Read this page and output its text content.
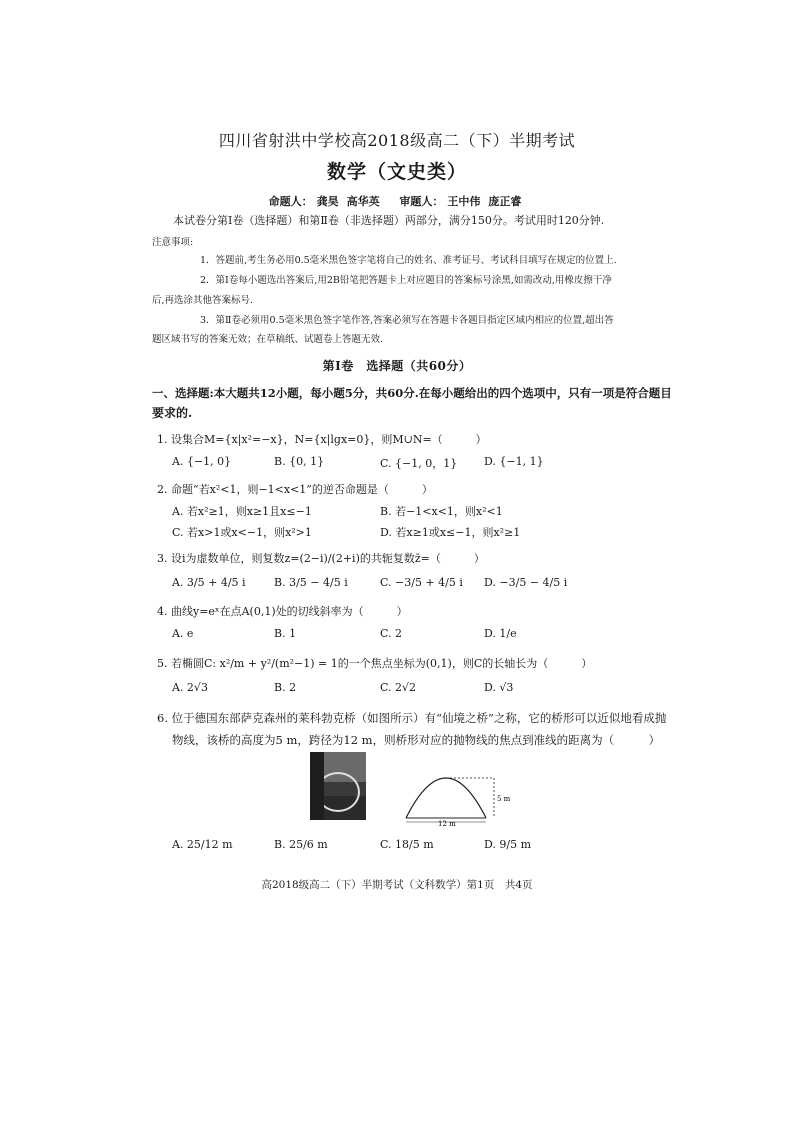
四川省射洪中学校高2018级高二（下）半期考试
数学（文史类）
命题人： 龚昊 高华英 审题人： 王中伟 庞正睿
本试卷分第Ⅰ卷（选择题）和第Ⅱ卷（非选择题）两部分，满分150分。考试用时120分钟.
注意事项:
1．答题前,考生务必用0.5毫米黑色签字笔将自己的姓名、准考证号、考试科目填写在规定的位置上.
2．第Ⅰ卷每小题选出答案后,用2B铅笔把答题卡上对应题目的答案标号涂黑,如需改动,用橡皮擦干净
后,再选涂其他答案标号.
3．第Ⅱ卷必须用0.5毫米黑色签字笔作答,答案必须写在答题卡各题目指定区域内相应的位置,超出答
题区域书写的答案无效；在草稿纸、试题卷上答题无效.
第Ⅰ卷　选择题（共60分）
一、选择题:本大题共12小题，每小题5分，共60分.在每小题给出的四个选项中，只有一项是符合题目
要求的.
1. 设集合M={x|x²=−x}，N={x|lgx=0}，则M∪N=（　　　）
A. {−1, 0}	B. {0, 1}	C. {−1, 0，1} D. {−1, 1}
2. 命题“若x²<1，则−1<x<1”的逆否命题是（　　　）
A. 若x²≥1，则x≥1且x≤−1	B. 若−1<x<1，则x²<1
C. 若x>1或x<−1，则x²>1	D. 若x≥1或x≤−1，则x²≥1
3. 设i为虚数单位，则复数z=(2−i)/(2+i)的共轭复数z̄=（　　　）
A. 3/5 + 4/5 i	B. 3/5 − 4/5 i	C. −3/5 + 4/5 i D. −3/5 − 4/5 i
4. 曲线y=eˣ在点A(0,1)处的切线斜率为（　　　）
A. e	B. 1	C. 2	D. 1/e
5. 若椭圆C: x²/m + y²/(m²−1) = 1的一个焦点坐标为(0,1)，则C的长轴长为（　　　）
A. 2√3	B. 2	C. 2√2	D. √3
6. 位于德国东部萨克森州的莱科勃克桥（如图所示）有“仙境之桥”之称，它的桥形可以近似地看成抛
物线，该桥的高度为5 m，跨径为12 m，则桥形对应的抛物线的焦点到准线的距离为（　　　）
5 m
12 m
A. 25/12 m	B. 25/6 m	C. 18/5 m	D. 9/5 m
高2018级高二（下）半期考试（文科数学）第1页　共4页
